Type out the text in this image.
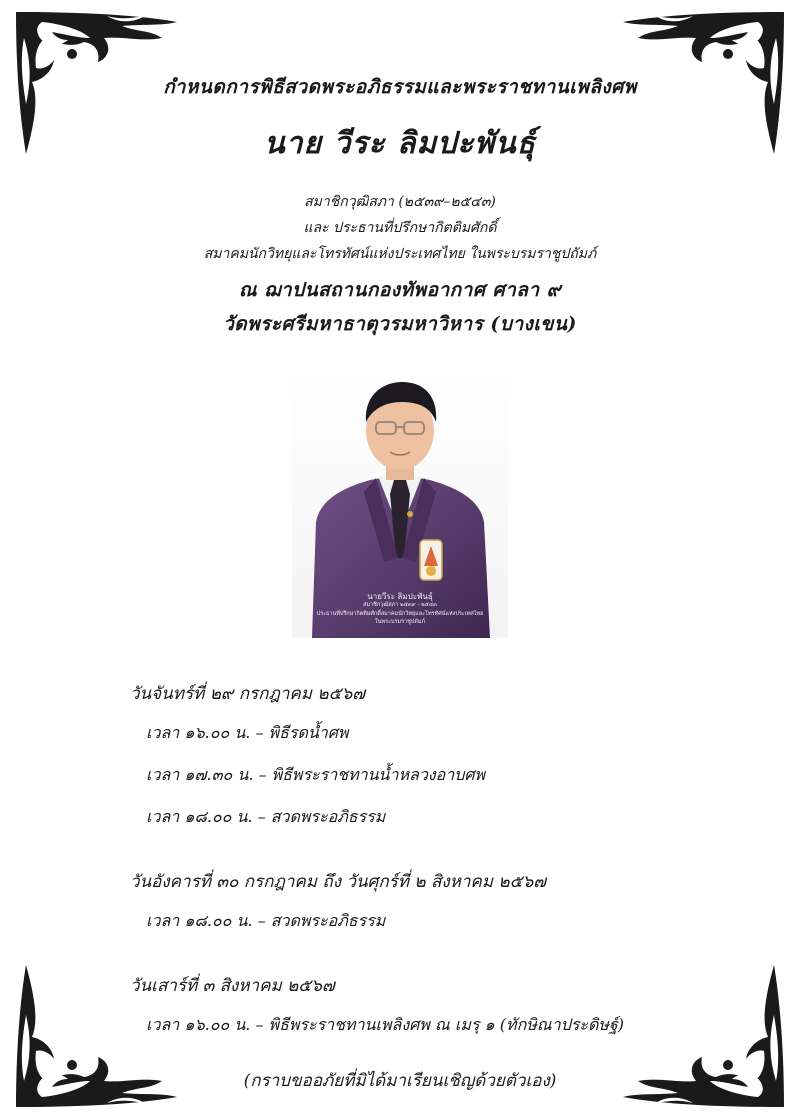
กำหนดการพิธีสวดพระอภิธรรมและพระราชทานเพลิงศพ

นาย วีระ ลิมปะพันธุ์

สมาชิกวุฒิสภา (๒๕๓๙–๒๕๔๓)

และ ประธานที่ปรึกษากิตติมศักดิ์

สมาคมนักวิทยุและโทรทัศน์แห่งประเทศไทย ในพระบรมราชูปถัมภ์

ณ ฌาปนสถานกองทัพอากาศ ศาลา ๙

วัดพระศรีมหาธาตุวรมหาวิหาร (บางเขน)

นายวีระ ลิมปะพันธุ์
สมาชิกวุฒิสภา ๒๕๓๙ - ๒๕๔๓
ประธานที่ปรึกษากิตติมศักดิ์สมาคมนักวิทยุและโทรทัศน์แห่งประเทศไทย
ในพระบรมราชูปถัมภ์

วันจันทร์ที่ ๒๙ กรกฎาคม ๒๕๖๗

เวลา ๑๖.๐๐ น. – พิธีรดน้ำศพ

เวลา ๑๗.๓๐ น. – พิธีพระราชทานน้ำหลวงอาบศพ

เวลา ๑๘.๐๐ น. – สวดพระอภิธรรม

วันอังคารที่ ๓๐ กรกฎาคม ถึง วันศุกร์ที่ ๒ สิงหาคม ๒๕๖๗

เวลา ๑๘.๐๐ น. – สวดพระอภิธรรม

วันเสาร์ที่ ๓ สิงหาคม ๒๕๖๗

เวลา ๑๖.๐๐ น. – พิธีพระราชทานเพลิงศพ ณ เมรุ ๑ (ทักษิณาประดิษฐ์)

(กราบขออภัยที่มิได้มาเรียนเชิญด้วยตัวเอง)
